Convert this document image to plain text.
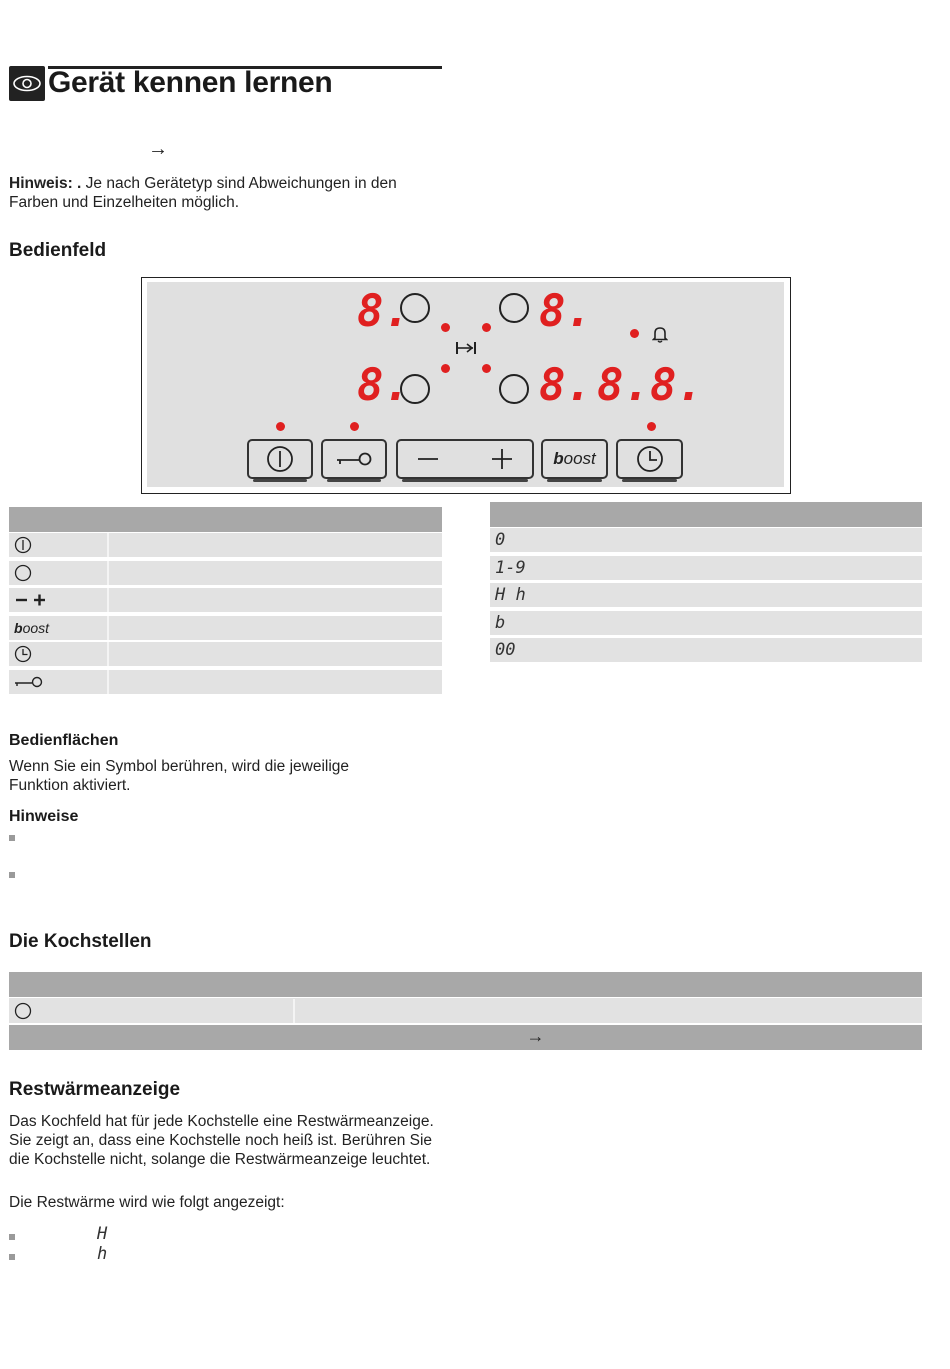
Gerät kennen lernen
→
Hinweis: . Je nach Gerätetyp sind Abweichungen in den Farben und Einzelheiten möglich.
Bedienfeld
8.	8.
8.	8. 8.8.
boost
boost
0
1-9
H h
b
00
Bedienflächen
Wenn Sie ein Symbol berühren, wird die jeweilige Funktion aktiviert.
Hinweise
Die Kochstellen
→
Restwärmeanzeige
Das Kochfeld hat für jede Kochstelle eine Restwärmeanzeige. Sie zeigt an, dass eine Kochstelle noch heiß ist. Berühren Sie die Kochstelle nicht, solange die Restwärmeanzeige leuchtet.
Die Restwärme wird wie folgt angezeigt:
H
h
